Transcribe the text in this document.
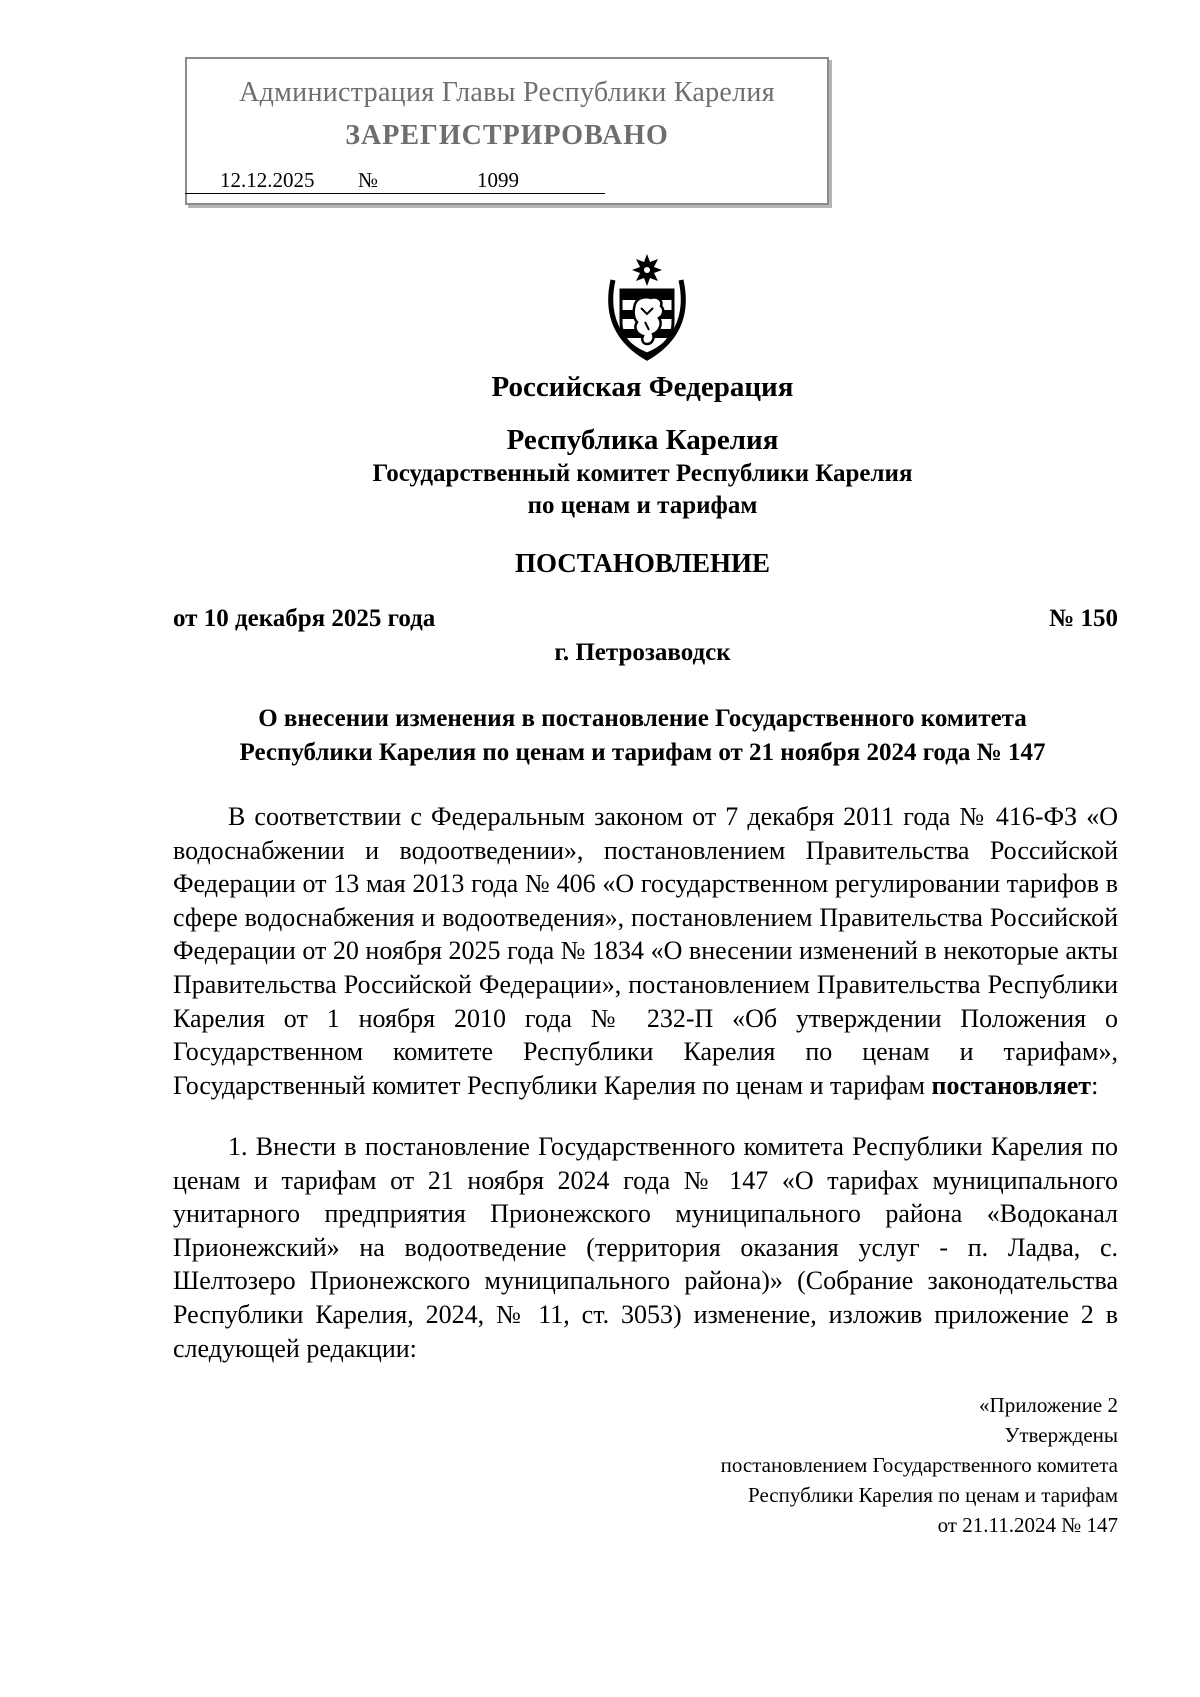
Администрация Главы Республики Карелия
ЗАРЕГИСТРИРОВАНО
12.12.2025 №	1099
Российская Федерация
Республика Карелия
Государственный комитет Республики Карелия
по ценам и тарифам
ПОСТАНОВЛЕНИЕ
от 10 декабря 2025 года	№ 150
г. Петрозаводск
О внесении изменения в постановление Государственного комитета
Республики Карелия по ценам и тарифам от 21 ноября 2024 года № 147
В соответствии с Федеральным законом от 7 декабря 2011 года № 416-ФЗ «О водоснабжении и водоотведении», постановлением Правительства Российской Федерации от 13 мая 2013 года № 406 «О государственном регулировании тарифов в сфере водоснабжения и водоотведения», постановлением Правительства Российской Федерации от 20 ноября 2025 года № 1834 «О внесении изменений в некоторые акты Правительства Российской Федерации», постановлением Правительства Республики Карелия от 1 ноября 2010 года № 232-П «Об утверждении Положения о Государственном комитете Республики Карелия по ценам и тарифам», Государственный комитет Республики Карелия по ценам и тарифам постановляет:
1. Внести в постановление Государственного комитета Республики Карелия по ценам и тарифам от 21 ноября 2024 года № 147 «О тарифах муниципального унитарного предприятия Прионежского муниципального района «Водоканал Прионежский» на водоотведение (территория оказания услуг - п. Ладва, с. Шелтозеро Прионежского муниципального района)» (Собрание законодательства Республики Карелия, 2024, № 11, ст. 3053) изменение, изложив приложение 2 в следующей редакции:
«Приложение 2
Утверждены
постановлением Государственного комитета
Республики Карелия по ценам и тарифам
от 21.11.2024 № 147
